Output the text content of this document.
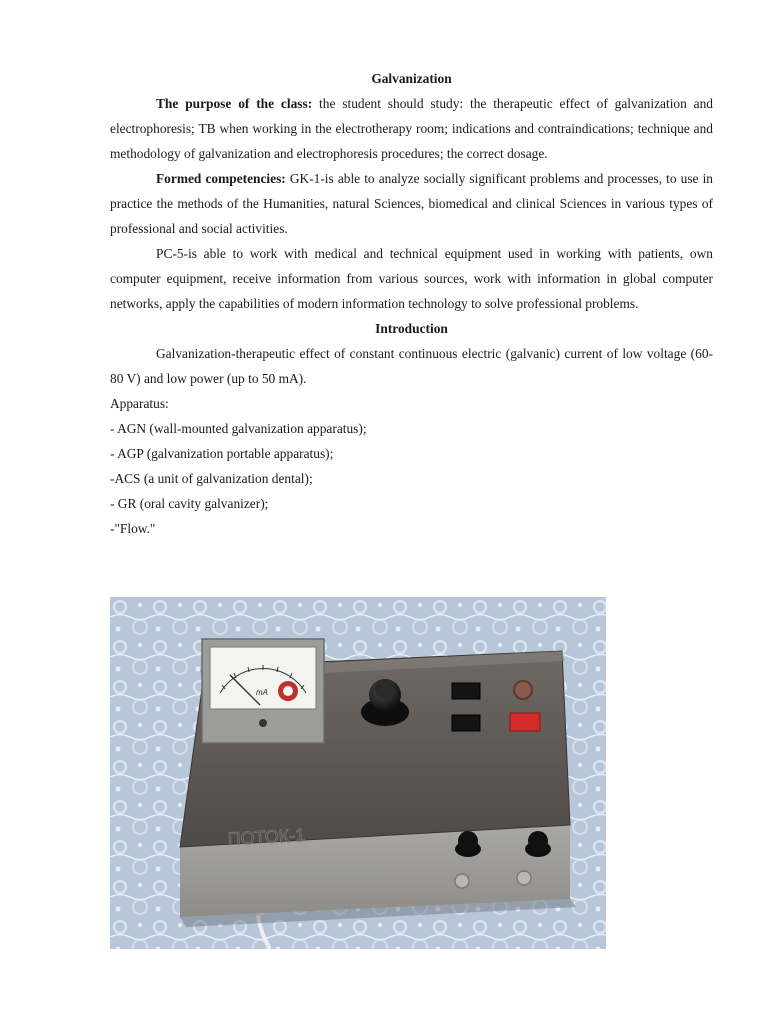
Galvanization

The purpose of the class: the student should study: the therapeutic effect of galvanization and electrophoresis; TB when working in the electrotherapy room; indications and contraindications; technique and methodology of galvanization and electrophoresis procedures; the correct dosage.

Formed competencies: GK-1-is able to analyze socially significant problems and processes, to use in practice the methods of the Humanities, natural Sciences, biomedical and clinical Sciences in various types of professional and social activities.

PC-5-is able to work with medical and technical equipment used in working with patients, own computer equipment, receive information from various sources, work with information in global computer networks, apply the capabilities of modern information technology to solve professional problems.

Introduction

Galvanization-therapeutic effect of constant continuous electric (galvanic) current of low voltage (60-80 V) and low power (up to 50 mA).

Apparatus:

- AGN (wall-mounted galvanization apparatus);

- AGP (galvanization portable apparatus);

-ACS (a unit of galvanization dental);

- GR (oral cavity galvanizer);

-"Flow."

mA
ПОТОК-1
